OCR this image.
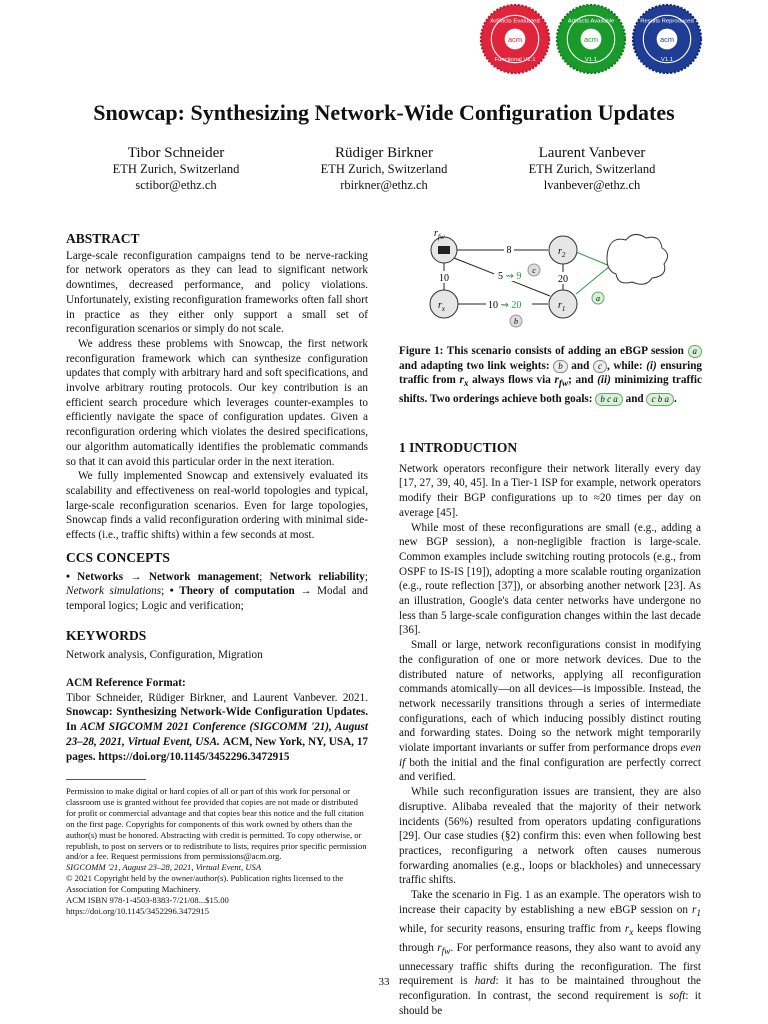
acm
Artifacts Evaluated
Functional V1.1
acm
Artifacts Available
V1.1
acm
Results Reproduced
V1.1
Snowcap: Synthesizing Network-Wide Configuration Updates
Tibor Schneider
ETH Zurich, Switzerland
sctibor@ethz.ch
Rüdiger Birkner
ETH Zurich, Switzerland
rbirkner@ethz.ch
Laurent Vanbever
ETH Zurich, Switzerland
lvanbever@ethz.ch

ABSTRACT

Large-scale reconfiguration campaigns tend to be nerve-racking for network operators as they can lead to significant network downtimes, decreased performance, and policy violations. Unfortunately, existing reconfiguration frameworks often fall short in practice as they either only support a small set of reconfiguration scenarios or simply do not scale.

We address these problems with Snowcap, the first network reconfiguration framework which can synthesize configuration updates that comply with arbitrary hard and soft specifications, and involve arbitrary routing protocols. Our key contribution is an efficient search procedure which leverages counter-examples to efficiently navigate the space of configuration updates. Given a reconfiguration ordering which violates the desired specifications, our algorithm automatically identifies the problematic commands so that it can avoid this particular order in the next iteration.

We fully implemented Snowcap and extensively evaluated its scalability and effectiveness on real-world topologies and typical, large-scale reconfiguration scenarios. Even for large topologies, Snowcap finds a valid reconfiguration ordering with minimal side-effects (i.e., traffic shifts) within a few seconds at most.

CCS CONCEPTS

• Networks → Network management; Network reliability; Network simulations; • Theory of computation → Modal and temporal logics; Logic and verification;

KEYWORDS

Network analysis, Configuration, Migration

ACM Reference Format:

Tibor Schneider, Rüdiger Birkner, and Laurent Vanbever. 2021. Snowcap: Synthesizing Network-Wide Configuration Updates. In ACM SIGCOMM 2021 Conference (SIGCOMM '21), August 23–28, 2021, Virtual Event, USA. ACM, New York, NY, USA, 17 pages. https://doi.org/10.1145/3452296.3472915

Permission to make digital or hard copies of all or part of this work for personal or classroom use is granted without fee provided that copies are not made or distributed for profit or commercial advantage and that copies bear this notice and the full citation on the first page. Copyrights for components of this work owned by others than the author(s) must be honored. Abstracting with credit is permitted. To copy otherwise, or republish, to post on servers or to redistribute to lists, requires prior specific permission and/or a fee. Request permissions from permissions@acm.org.

SIGCOMM '21, August 23–28, 2021, Virtual Event, USA

© 2021 Copyright held by the owner/author(s). Publication rights licensed to the Association for Computing Machinery.

ACM ISBN 978-1-4503-8383-7/21/08...$15.00

https://doi.org/10.1145/3452296.3472915

$r_{fw}$
$r_2$
$r_x$	$r_1$
8
10	5 ⇝ 9
c
20
10 ⇝ 20
b
a
Figure 1: This scenario consists of adding an eBGP session a and adapting two link weights: b and c , while: (i) ensuring traffic from $r_x$ always flows via $r_{fw}$; and (ii) minimizing traffic shifts. Two orderings achieve both goals: b c a and c b a .

1 INTRODUCTION

Network operators reconfigure their network literally every day [17, 27, 39, 40, 45]. In a Tier-1 ISP for example, network operators modify their BGP configurations up to ≈20 times per day on average [45].

While most of these reconfigurations are small (e.g., adding a new BGP session), a non-negligible fraction is large-scale. Common examples include switching routing protocols (e.g., from OSPF to IS-IS [19]), adopting a more scalable routing organization (e.g., route reflection [37]), or absorbing another network [23]. As an illustration, Google's data center networks have undergone no less than 5 large-scale configuration changes within the last decade [36].

Small or large, network reconfigurations consist in modifying the configuration of one or more network devices. Due to the distributed nature of networks, applying all reconfiguration commands atomically—on all devices—is impossible. Instead, the network necessarily transitions through a series of intermediate configurations, each of which inducing possibly distinct routing and forwarding states. Doing so the network might temporarily violate important invariants or suffer from performance drops even if both the initial and the final configuration are perfectly correct and verified.

While such reconfiguration issues are transient, they are also disruptive. Alibaba revealed that the majority of their network incidents (56%) resulted from operators updating configurations [29]. Our case studies (§2) confirm this: even when following best practices, reconfiguring a network often causes numerous forwarding anomalies (e.g., loops or blackholes) and unnecessary traffic shifts.

Take the scenario in Fig. 1 as an example. The operators wish to increase their capacity by establishing a new eBGP session on $r_1$ while, for security reasons, ensuring traffic from $r_x$ keeps flowing through $r_{fw}$. For performance reasons, they also want to avoid any unnecessary traffic shifts during the reconfiguration. The first requirement is hard: it has to be maintained throughout the reconfiguration. In contrast, the second requirement is soft: it should be

33
